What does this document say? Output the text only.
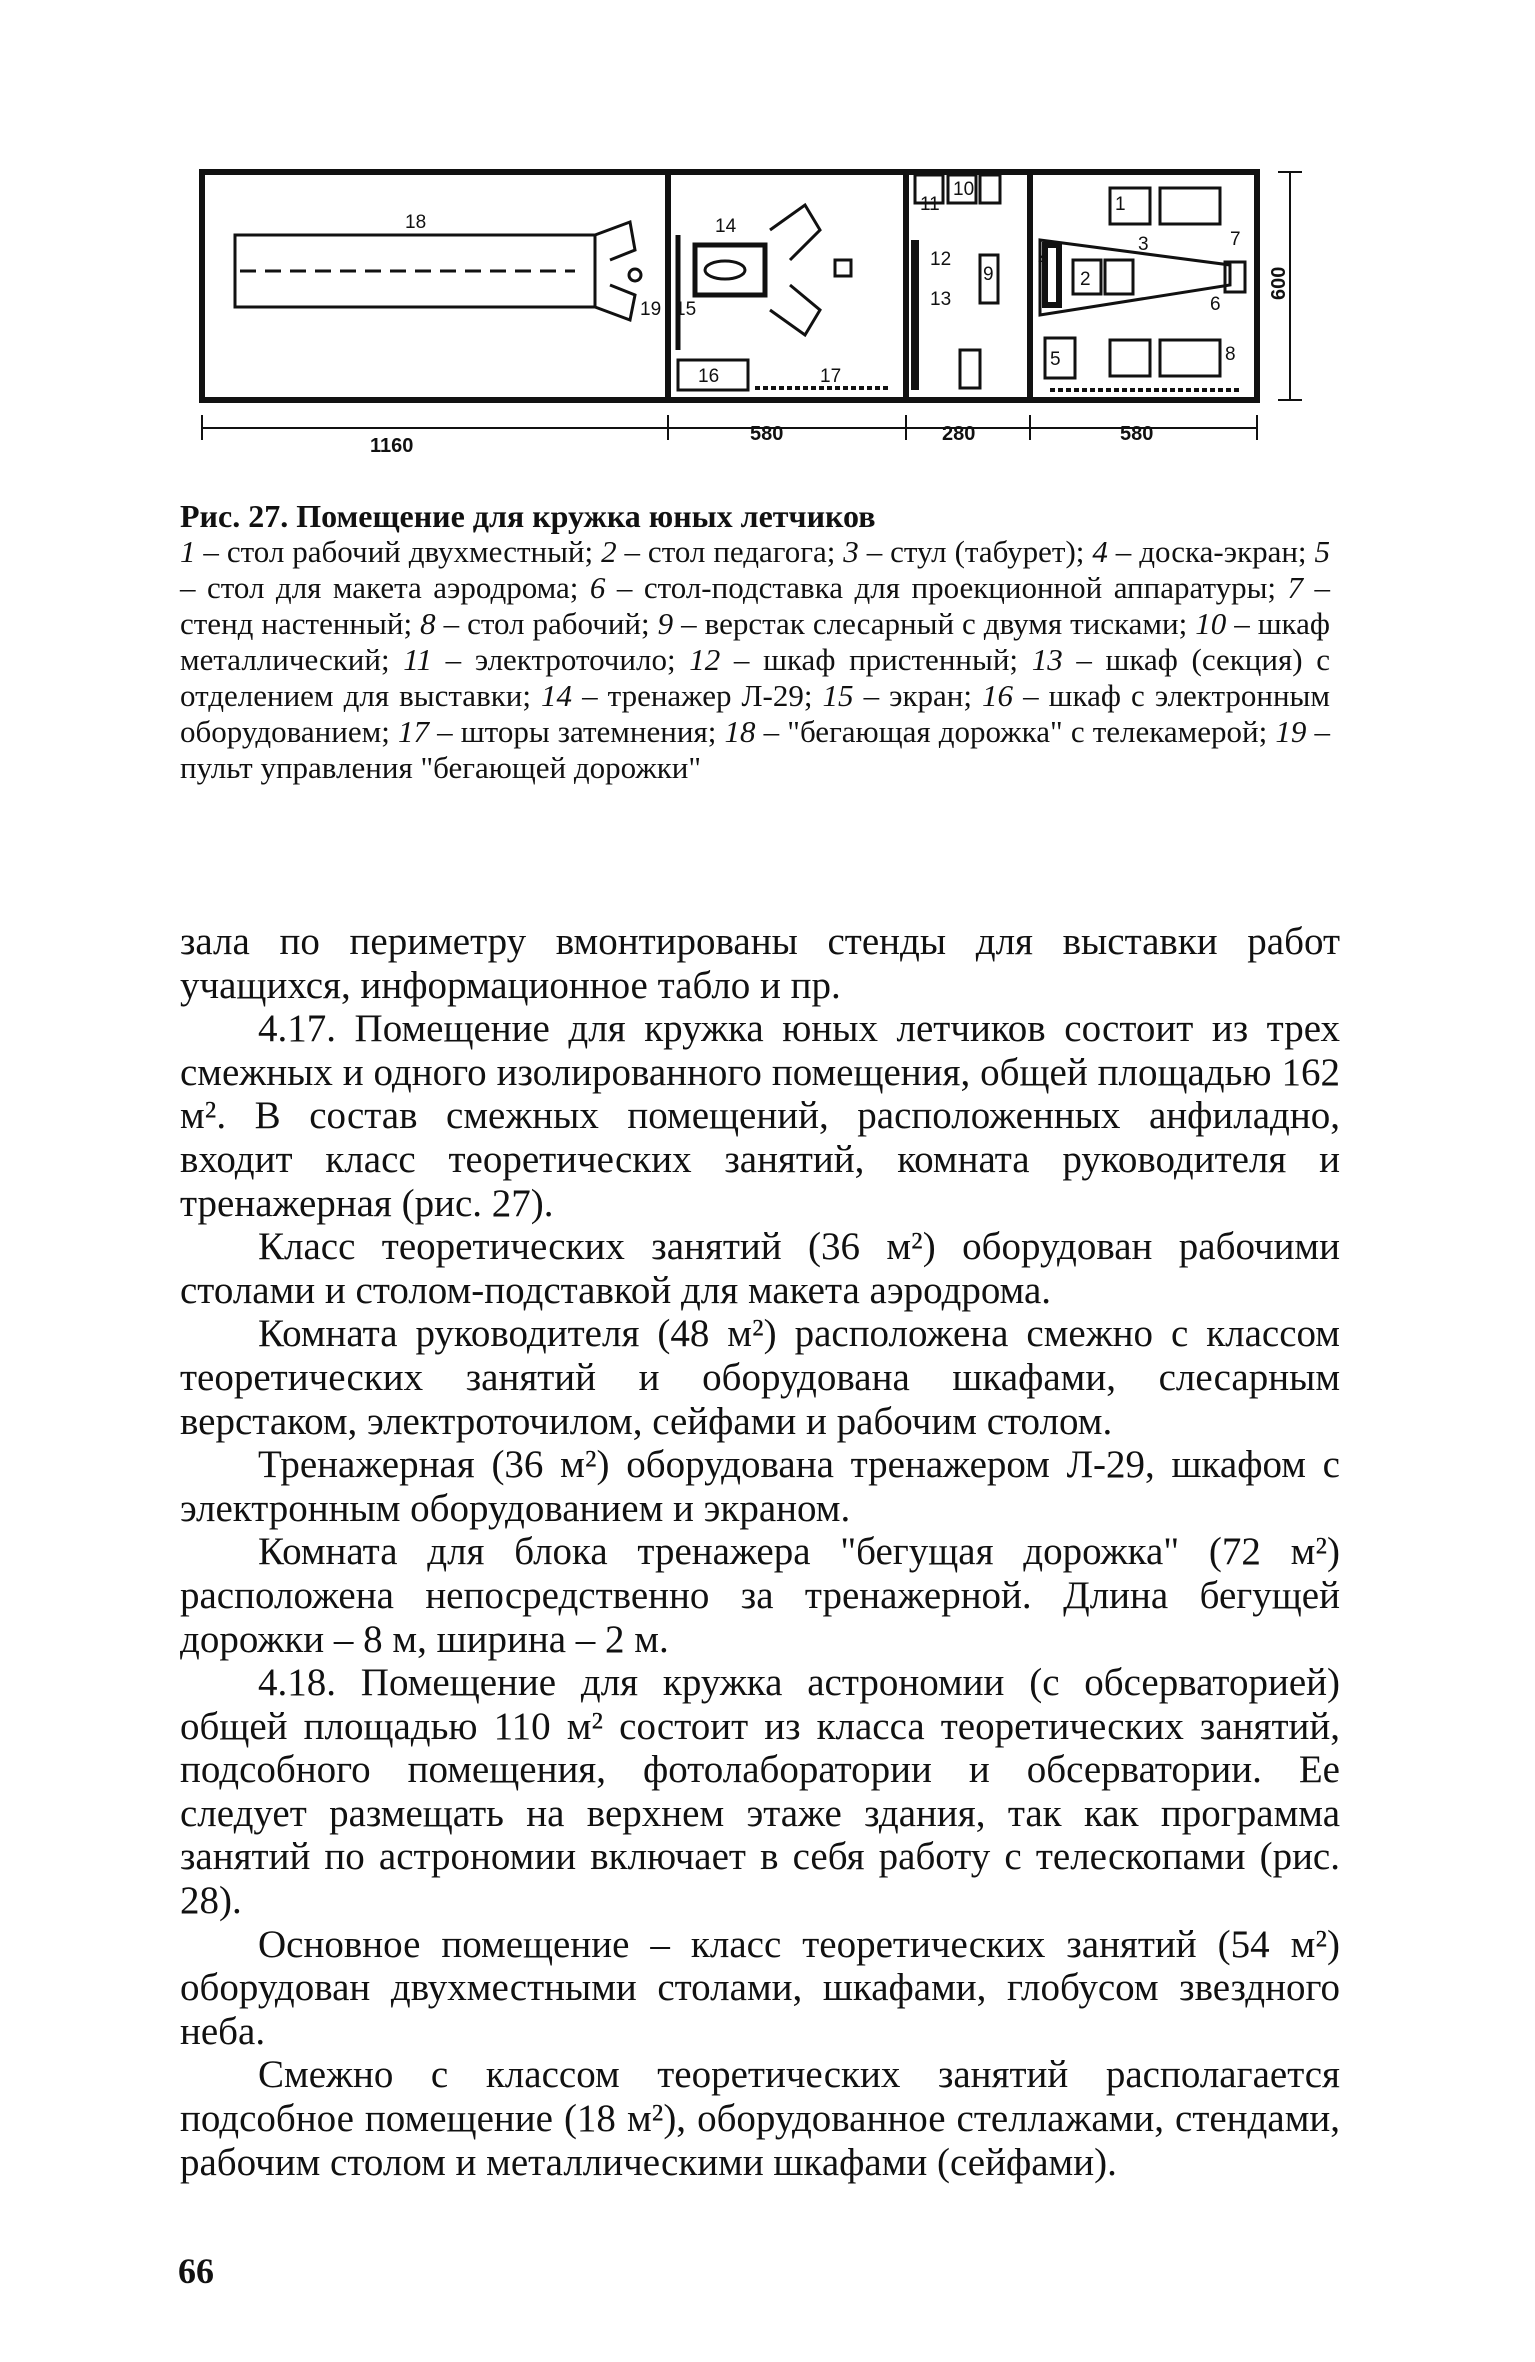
1160
580	280	580
600
18
19
14
15
16	17
11
10
12
13
9
4
2
5
1
3	7
8
6
Рис. 27. Помещение для кружка юных летчиков
1 – стол рабочий двухместный; 2 – стол педагога; 3 – стул (табурет); 4 – доска-экран; 5 – стол для макета аэродрома; 6 – стол-подставка для проекционной аппаратуры; 7 – стенд настенный; 8 – стол рабочий; 9 – верстак слесарный с двумя тисками; 10 – шкаф металлический; 11 – электроточило; 12 – шкаф пристенный; 13 – шкаф (секция) с отделением для выставки; 14 – тренажер Л-29; 15 – экран; 16 – шкаф с электронным оборудованием; 17 – шторы затемнения; 18 – "бегающая дорожка" с телекамерой; 19 – пульт управления "бегающей дорожки"

зала по периметру вмонтированы стенды для выставки работ учащихся, информационное табло и пр.

4.17. Помещение для кружка юных летчиков состоит из трех смежных и одного изолированного помещения, общей площадью 162 м². В состав смежных помещений, расположенных анфиладно, входит класс теоретических занятий, комната руководителя и тренажерная (рис. 27).

Класс теоретических занятий (36 м²) оборудован рабочими столами и столом-подставкой для макета аэродрома.

Комната руководителя (48 м²) расположена смежно с классом теоретических занятий и оборудована шкафами, слесарным верстаком, электроточилом, сейфами и рабочим столом.

Тренажерная (36 м²) оборудована тренажером Л-29, шкафом с электронным оборудованием и экраном.

Комната для блока тренажера "бегущая дорожка" (72 м²) расположена непосредственно за тренажерной. Длина бегущей дорожки – 8 м, ширина – 2 м.

4.18. Помещение для кружка астрономии (с обсерваторией) общей площадью 110 м² состоит из класса теоретических занятий, подсобного помещения, фотолаборатории и обсерватории. Ее следует размещать на верхнем этаже здания, так как программа занятий по астрономии включает в себя работу с телескопами (рис. 28).

Основное помещение – класс теоретических занятий (54 м²) оборудован двухместными столами, шкафами, глобусом звездного неба.

Смежно с классом теоретических занятий располагается подсобное помещение (18 м²), оборудованное стеллажами, стендами, рабочим столом и металлическими шкафами (сейфами).

66
